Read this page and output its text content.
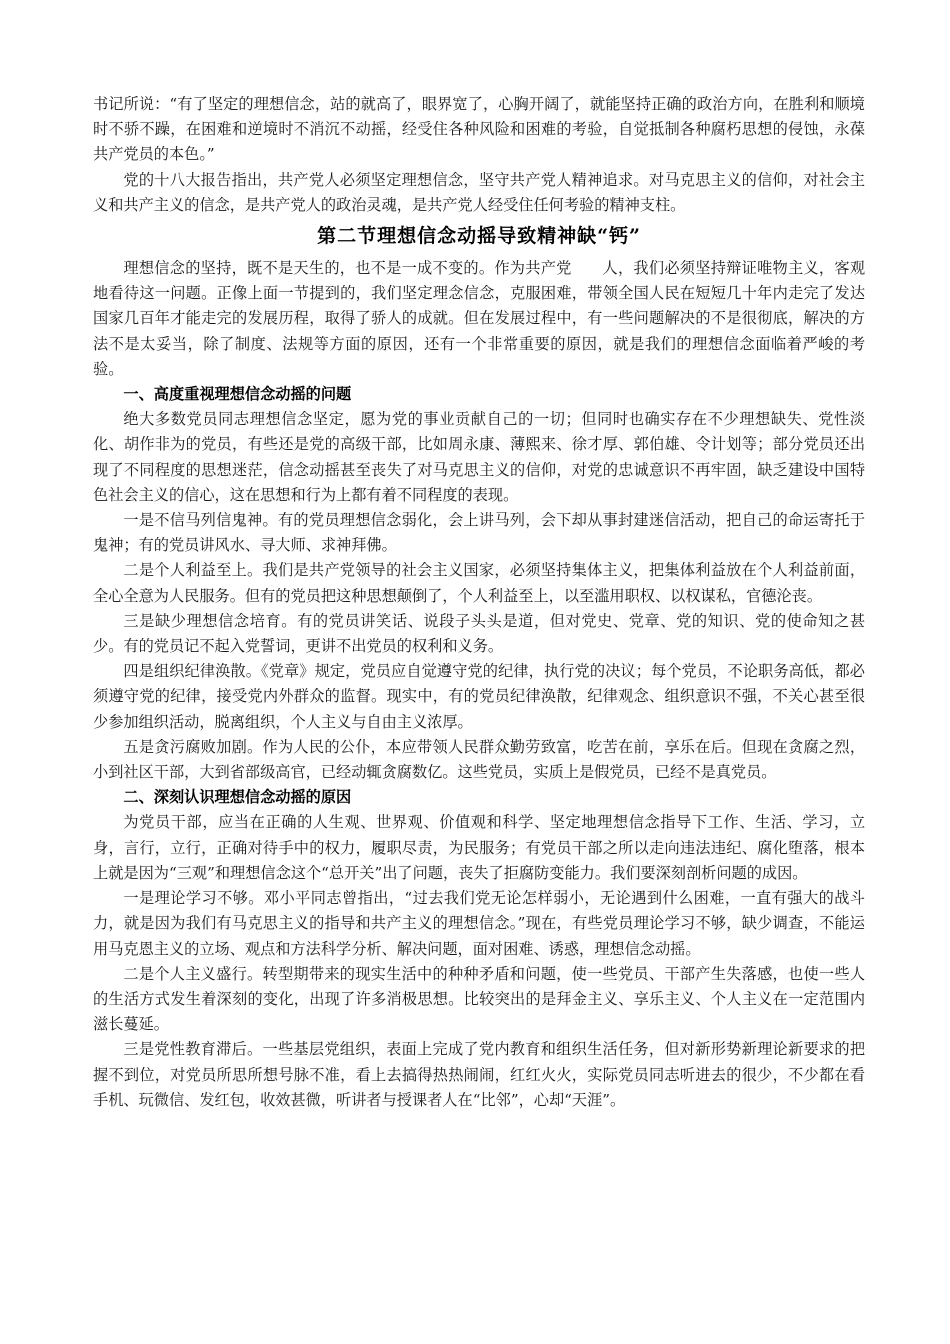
书记所说：“有了坚定的理想信念，站的就高了，眼界宽了，心胸开阔了，就能坚持正确的政治方向，在胜利和顺境时不骄不躁，在困难和逆境时不消沉不动摇，经受住各种风险和困难的考验，自觉抵制各种腐朽思想的侵蚀，永葆共产党员的本色。”

党的十八大报告指出，共产党人必须坚定理想信念，坚守共产党人精神追求。对马克思主义的信仰，对社会主义和共产主义的信念，是共产党人的政治灵魂，是共产党人经受住任何考验的精神支柱。

第二节理想信念动摇导致精神缺“钙”

理想信念的坚持，既不是天生的，也不是一成不变的。作为共产党　　人，我们必须坚持辩证唯物主义，客观地看待这一问题。正像上面一节提到的，我们坚定理念信念，克服困难，带领全国人民在短短几十年内走完了发达国家几百年才能走完的发展历程，取得了骄人的成就。但在发展过程中，有一些问题解决的不是很彻底，解决的方法不是太妥当，除了制度、法规等方面的原因，还有一个非常重要的原因，就是我们的理想信念面临着严峻的考验。

一、高度重视理想信念动摇的问题

绝大多数党员同志理想信念坚定，愿为党的事业贡献自己的一切；但同时也确实存在不少理想缺失、党性淡化、胡作非为的党员，有些还是党的高级干部，比如周永康、薄熙来、徐才厚、郭伯雄、令计划等；部分党员还出现了不同程度的思想迷茫，信念动摇甚至丧失了对马克思主义的信仰，对党的忠诚意识不再牢固，缺乏建设中国特色社会主义的信心，这在思想和行为上都有着不同程度的表现。

一是不信马列信鬼神。有的党员理想信念弱化，会上讲马列，会下却从事封建迷信活动，把自己的命运寄托于鬼神；有的党员讲风水、寻大师、求神拜佛。

二是个人利益至上。我们是共产党领导的社会主义国家，必须坚持集体主义，把集体利益放在个人利益前面，全心全意为人民服务。但有的党员把这种思想颠倒了，个人利益至上，以至滥用职权、以权谋私，官德沦丧。

三是缺少理想信念培育。有的党员讲笑话、说段子头头是道，但对党史、党章、党的知识、党的使命知之甚少。有的党员记不起入党誓词，更讲不出党员的权利和义务。

四是组织纪律涣散。《党章》规定，党员应自觉遵守党的纪律，执行党的决议；每个党员，不论职务高低，都必须遵守党的纪律，接受党内外群众的监督。现实中，有的党员纪律涣散，纪律观念、组织意识不强，不关心甚至很少参加组织活动，脱离组织，个人主义与自由主义浓厚。

五是贪污腐败加剧。作为人民的公仆，本应带领人民群众勤劳致富，吃苦在前，享乐在后。但现在贪腐之烈，小到社区干部，大到省部级高官，已经动辄贪腐数亿。这些党员，实质上是假党员，已经不是真党员。

二、深刻认识理想信念动摇的原因

为党员干部，应当在正确的人生观、世界观、价值观和科学、坚定地理想信念指导下工作、生活、学习，立身，言行，立行，正确对待手中的权力，履职尽责，为民服务；有党员干部之所以走向违法违纪、腐化堕落，根本上就是因为“三观”和理想信念这个“总开关”出了问题，丧失了拒腐防变能力。我们要深刻剖析问题的成因。

一是理论学习不够。邓小平同志曾指出，“过去我们党无论怎样弱小，无论遇到什么困难，一直有强大的战斗力，就是因为我们有马克思主义的指导和共产主义的理想信念。”现在，有些党员理论学习不够，缺少调查，不能运用马克恩主义的立场、观点和方法科学分析、解决问题，面对困难、诱惑，理想信念动摇。

二是个人主义盛行。转型期带来的现实生活中的种种矛盾和问题，使一些党员、干部产生失落感，也使一些人的生活方式发生着深刻的变化，出现了许多消极思想。比较突出的是拜金主义、享乐主义、个人主义在一定范围内滋长蔓延。

三是党性教育滞后。一些基层党组织，表面上完成了党内教育和组织生活任务，但对新形势新理论新要求的把握不到位，对党员所思所想号脉不准，看上去搞得热热闹闹，红红火火，实际党员同志听进去的很少，不少都在看手机、玩微信、发红包，收效甚微，听讲者与授课者人在“比邻”，心却“天涯”。
